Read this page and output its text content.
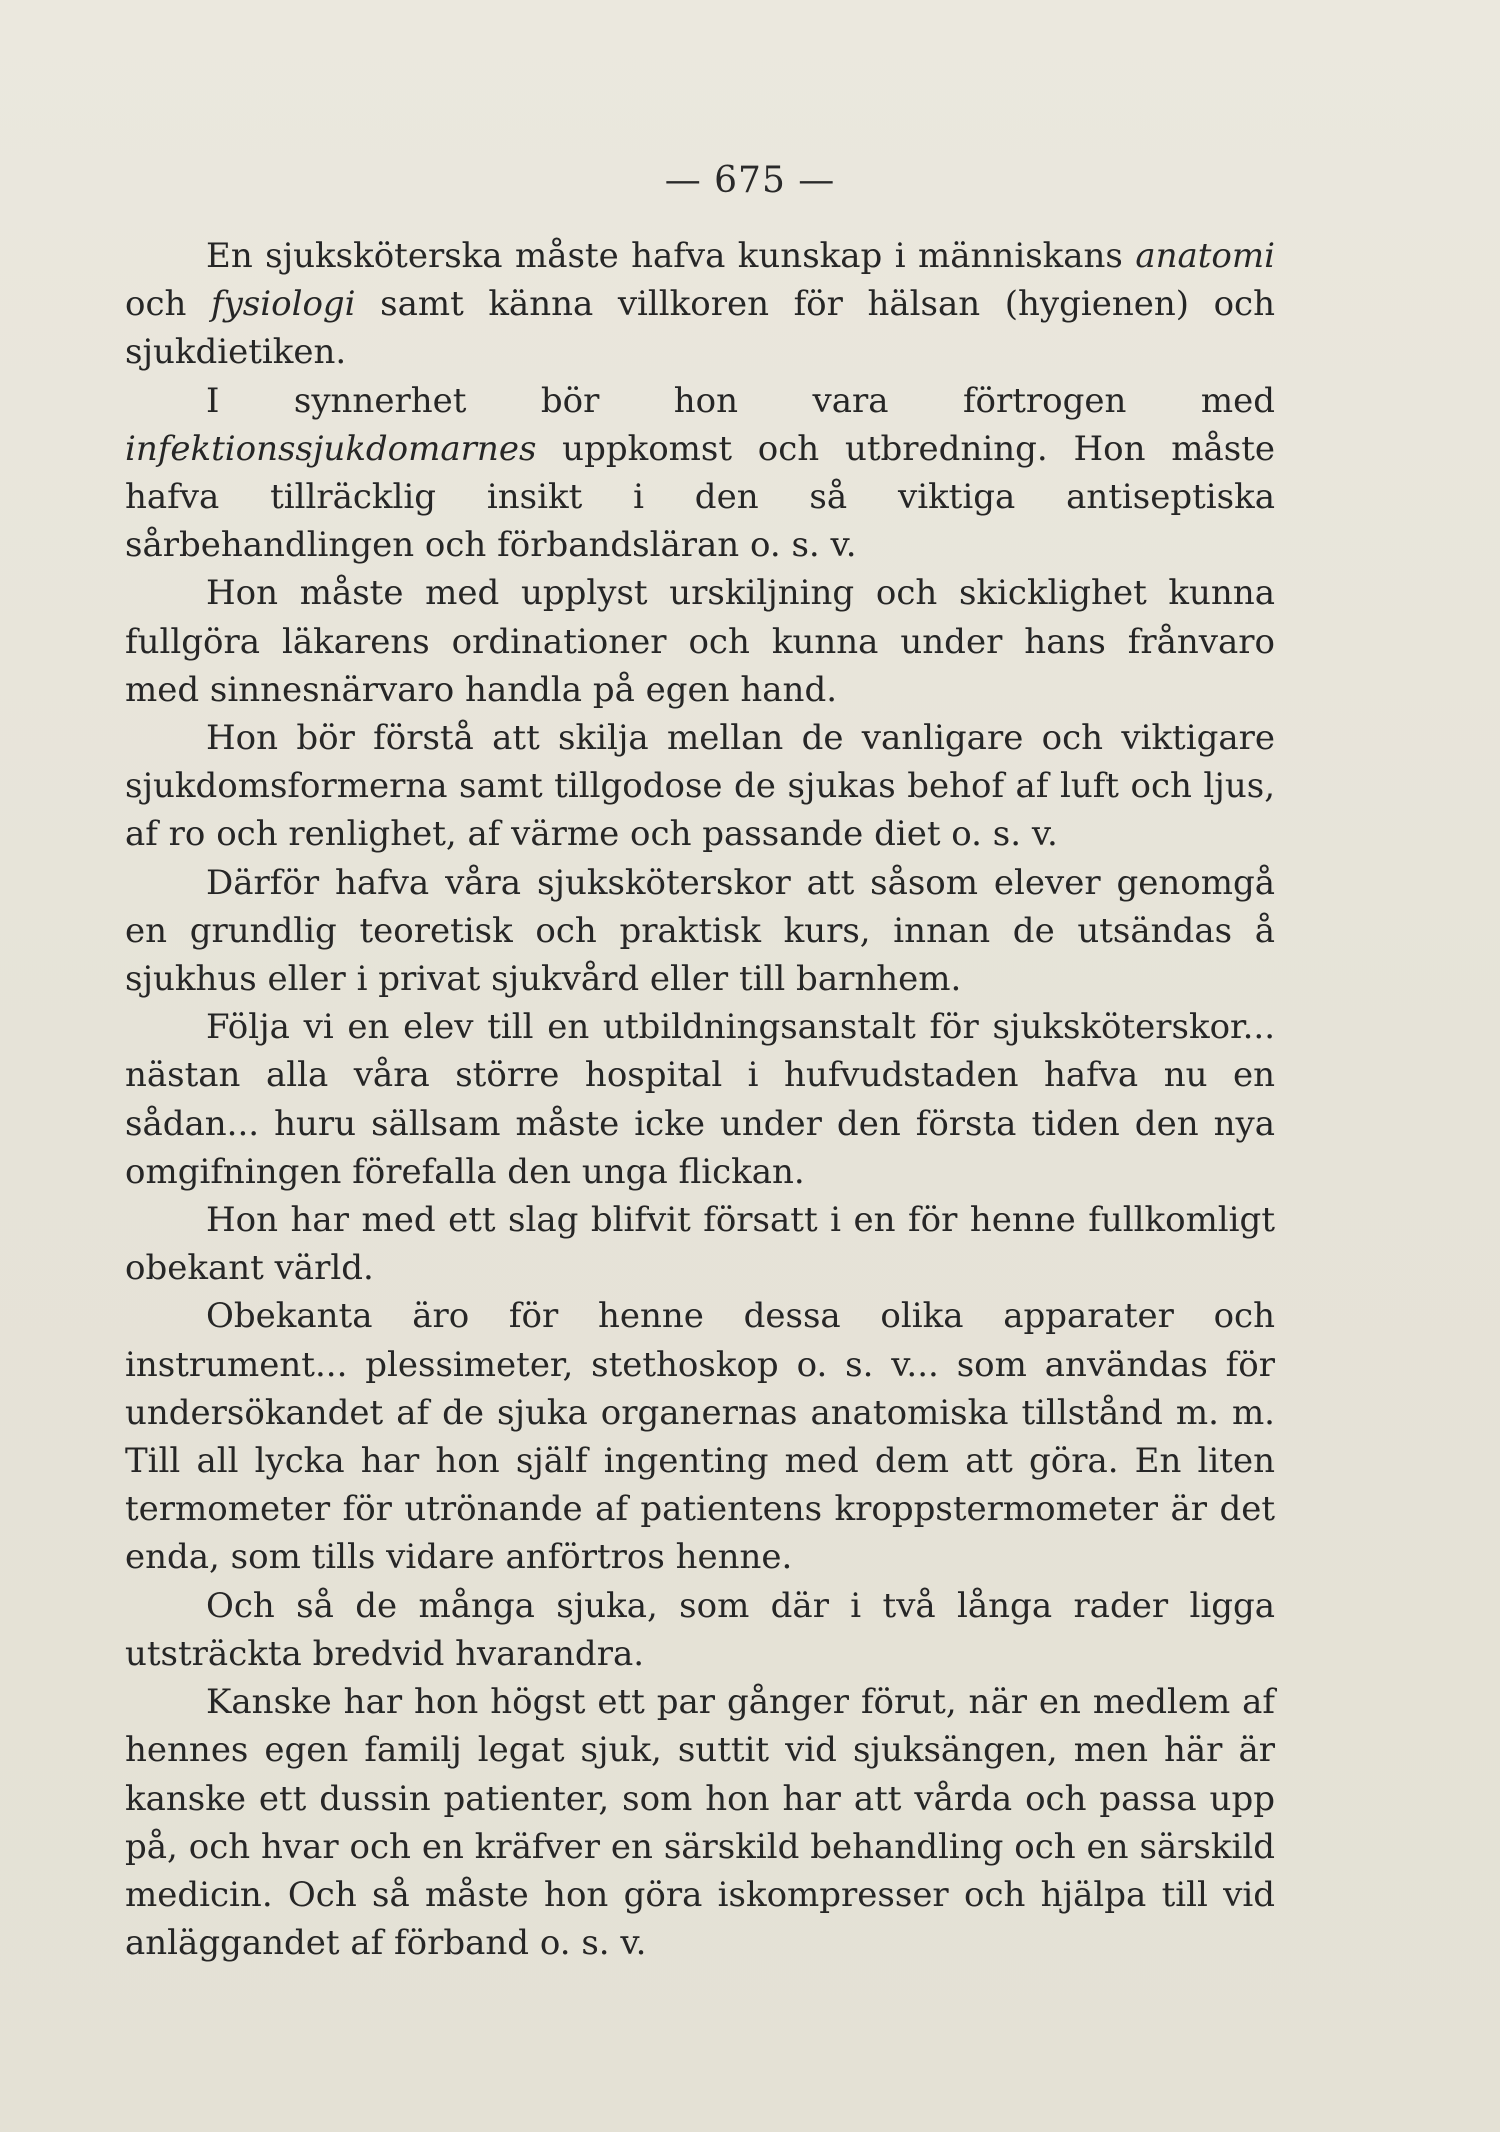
— 675 —

En sjuksköterska måste hafva kunskap i människans anatomi och fysiologi samt känna villkoren för hälsan (hygienen) och sjukdietiken.

I synnerhet bör hon vara förtrogen med infektionssjukdomarnes uppkomst och utbredning. Hon måste hafva tillräcklig insikt i den så viktiga antiseptiska sårbehandlingen och förbandsläran o. s. v.

Hon måste med upplyst urskiljning och skicklighet kunna fullgöra läkarens ordinationer och kunna under hans frånvaro med sinnesnärvaro handla på egen hand.

Hon bör förstå att skilja mellan de vanligare och viktigare sjukdomsformerna samt tillgodose de sjukas behof af luft och ljus, af ro och renlighet, af värme och passande diet o. s. v.

Därför hafva våra sjuksköterskor att såsom elever genomgå en grundlig teoretisk och praktisk kurs, innan de utsändas å sjukhus eller i privat sjukvård eller till barnhem.

Följa vi en elev till en utbildningsanstalt för sjuksköterskor... nästan alla våra större hospital i hufvudstaden hafva nu en sådan... huru sällsam måste icke under den första tiden den nya omgifningen förefalla den unga flickan.

Hon har med ett slag blifvit försatt i en för henne fullkomligt obekant värld.

Obekanta äro för henne dessa olika apparater och instrument... plessimeter, stethoskop o. s. v... som användas för undersökandet af de sjuka organernas anatomiska tillstånd m. m. Till all lycka har hon själf ingenting med dem att göra. En liten termometer för utrönande af patientens kroppstermometer är det enda, som tills vidare anförtros henne.

Och så de många sjuka, som där i två långa rader ligga utsträckta bredvid hvarandra.

Kanske har hon högst ett par gånger förut, när en medlem af hennes egen familj legat sjuk, suttit vid sjuksängen, men här är kanske ett dussin patienter, som hon har att vårda och passa upp på, och hvar och en kräfver en särskild behandling och en särskild medicin. Och så måste hon göra iskompresser och hjälpa till vid anläggandet af förband o. s. v.
